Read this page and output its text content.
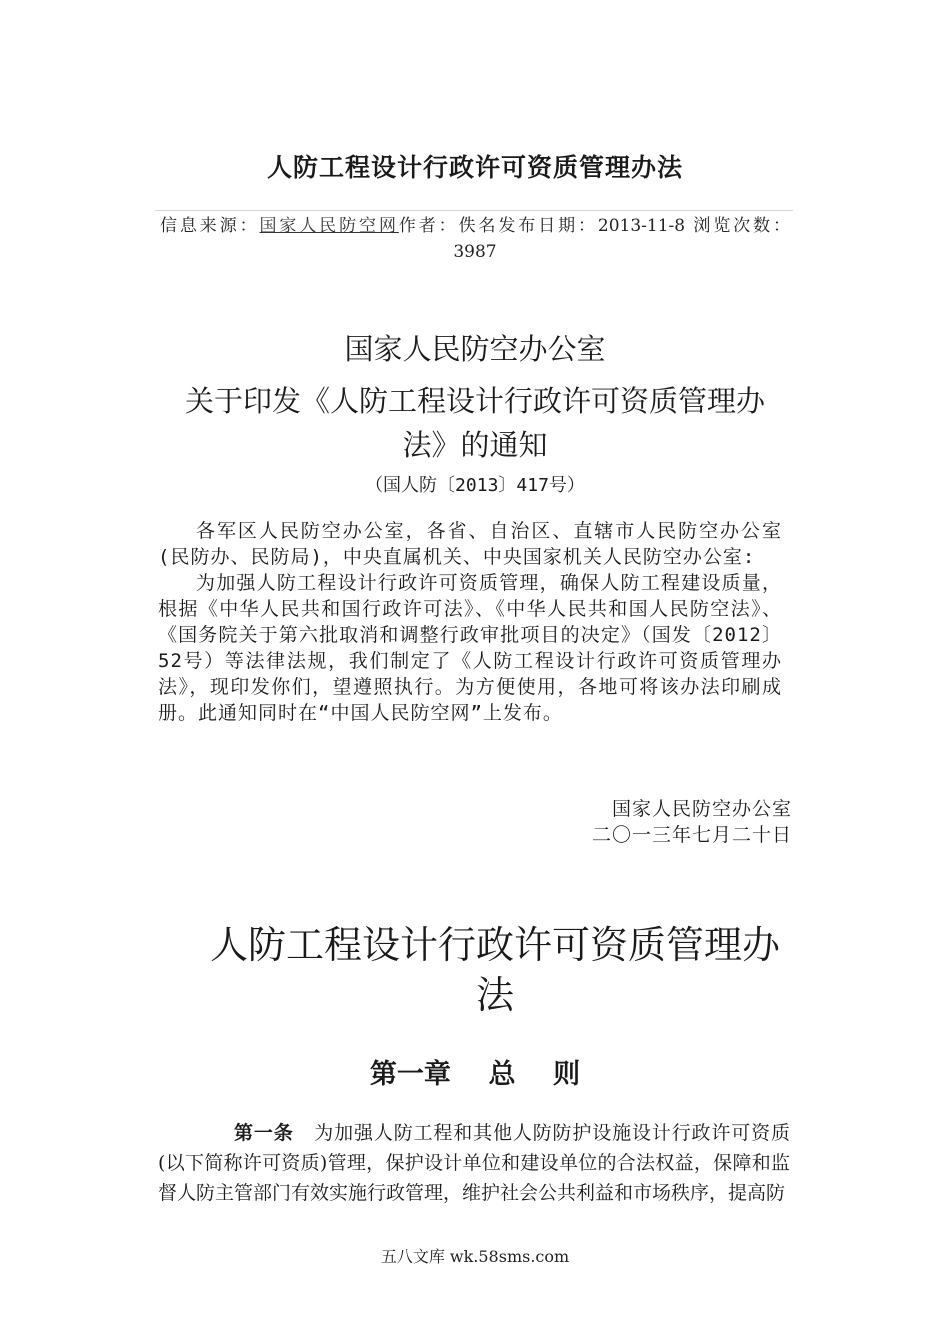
人防工程设计行政许可资质管理办法
信息来源：国家人民防空网作者：佚名发布日期：2013-11-8 浏览次数：
3987
国家人民防空办公室
关于印发《人防工程设计行政许可资质管理办
法》的通知
（国人防〔2013〕417号）

各军区人民防空办公室，各省、自治区、直辖市人民防空办公室(民防办、民防局)，中央直属机关、中央国家机关人民防空办公室:

为加强人防工程设计行政许可资质管理，确保人防工程建设质量，根据《中华人民共和国行政许可法》、《中华人民共和国人民防空法》、《国务院关于第六批取消和调整行政审批项目的决定》（国发〔2012〕52号）等法律法规，我们制定了《人防工程设计行政许可资质管理办法》，现印发你们，望遵照执行。为方便使用，各地可将该办法印刷成册。此通知同时在“中国人民防空网”上发布。

国家人民防空办公室
二〇一三年七月二十日
人防工程设计行政许可资质管理办
法
第一章    总    则

第一条 为加强人防工程和其他人防防护设施设计行政许可资质(以下简称许可资质)管理，保护设计单位和建设单位的合法权益，保障和监督人防主管部门有效实施行政管理，维护社会公共利益和市场秩序，提高防

五八文库 wk.58sms.com
